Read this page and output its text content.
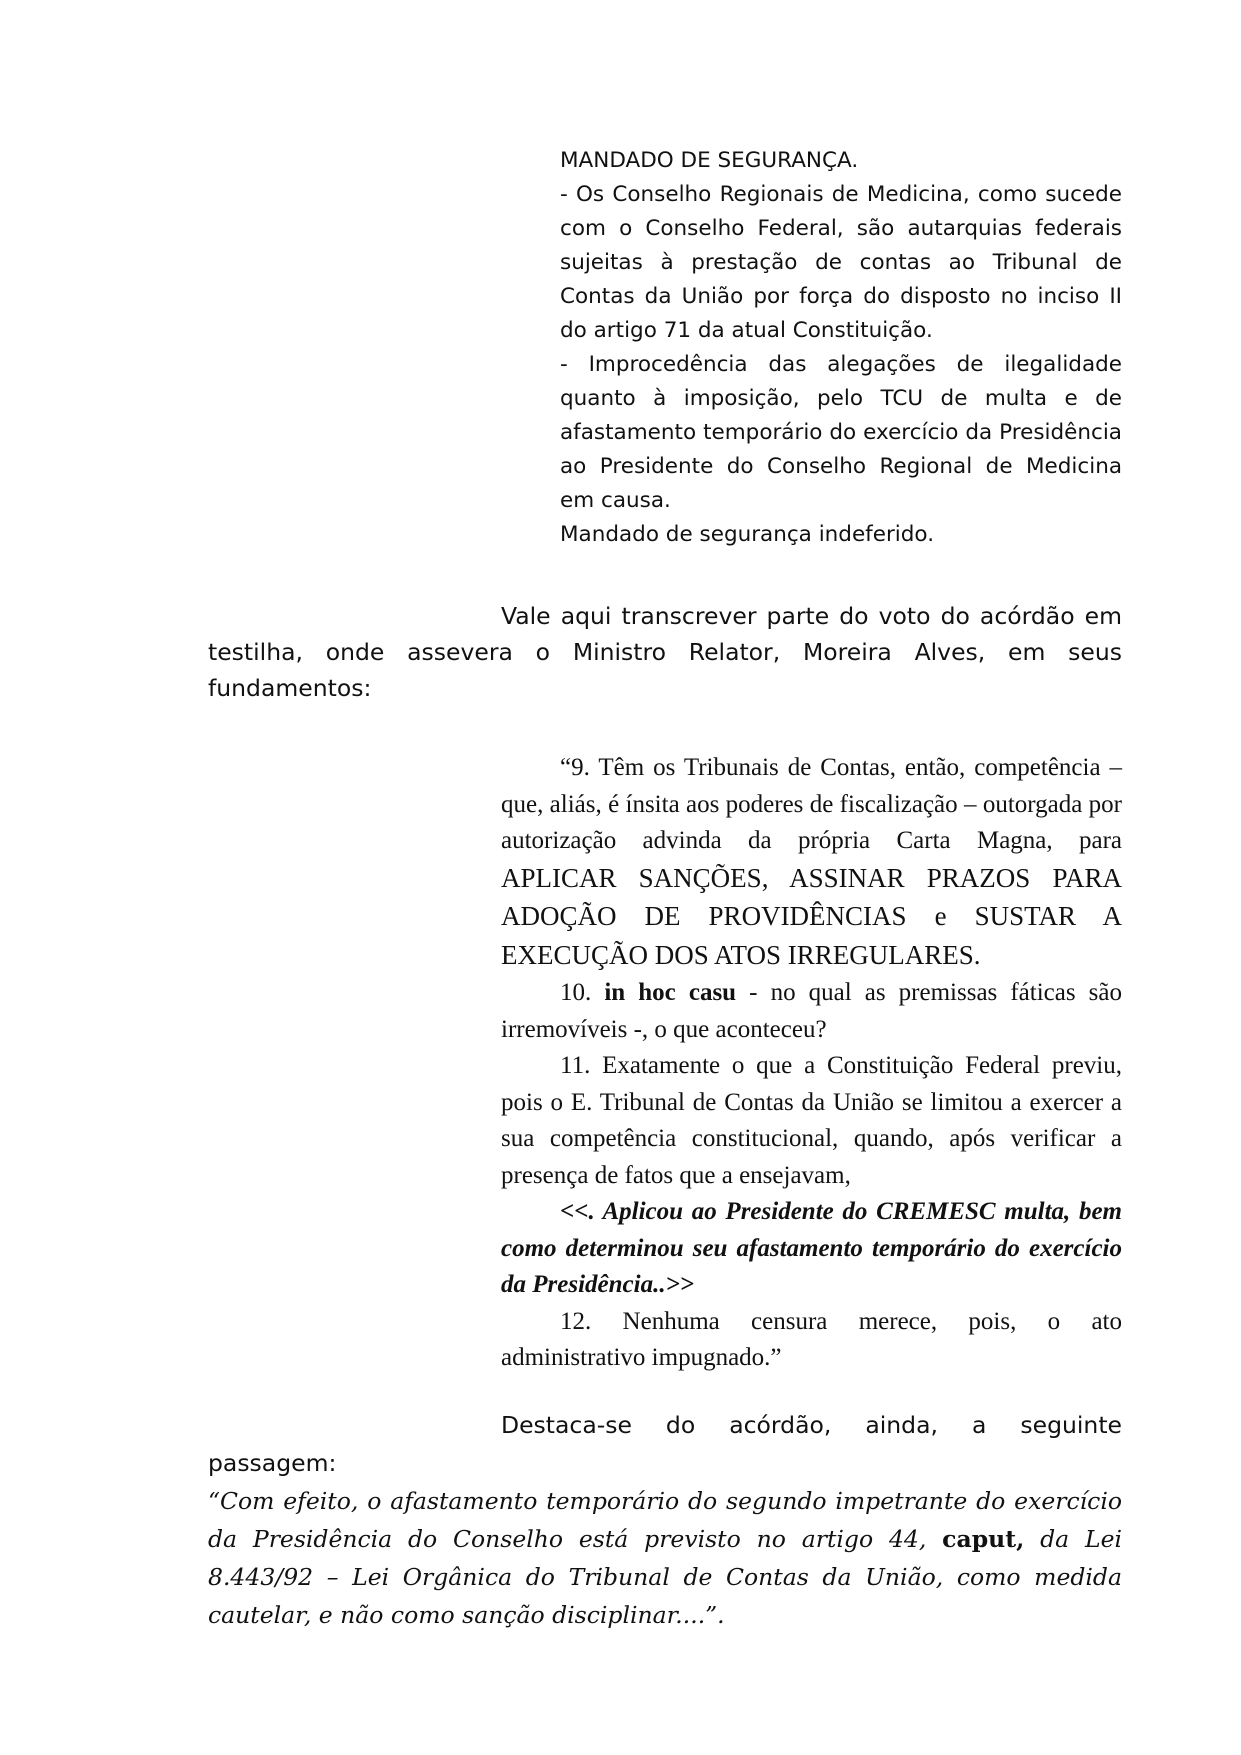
MANDADO DE SEGURANÇA.

- Os Conselho Regionais de Medicina, como sucede com o Conselho Federal, são autarquias federais sujeitas à prestação de contas ao Tribunal de Contas da União por força do disposto no inciso II do artigo 71 da atual Constituição.

- Improcedência das alegações de ilegalidade quanto à imposição, pelo TCU de multa e de afastamento temporário do exercício da Presidência ao Presidente do Conselho Regional de Medicina em causa.

Mandado de segurança indeferido.

Vale aqui transcrever parte do voto do acórdão em testilha, onde assevera o Ministro Relator, Moreira Alves, em seus fundamentos:

“9. Têm os Tribunais de Contas, então, competência – que, aliás, é ínsita aos poderes de fiscalização – outorgada por autorização advinda da própria Carta Magna, para APLICAR SANÇÕES, ASSINAR PRAZOS PARA ADOÇÃO DE PROVIDÊNCIAS e SUSTAR A EXECUÇÃO DOS ATOS IRREGULARES.

10. in hoc casu - no qual as premissas fáticas são irremovíveis -, o que aconteceu?

11. Exatamente o que a Constituição Federal previu, pois o E. Tribunal de Contas da União se limitou a exercer a sua competência constitucional, quando, após verificar a presença de fatos que a ensejavam,

<<. Aplicou ao Presidente do CREMESC multa, bem como determinou seu afastamento temporário do exercício da Presidência..>>

12. Nenhuma censura merece, pois, o ato administrativo impugnado.”

Destaca-se do acórdão, ainda, a seguinte passagem:

“Com efeito, o afastamento temporário do segundo impetrante do exercício da Presidência do Conselho está previsto no artigo 44, caput, da Lei 8.443/92 – Lei Orgânica do Tribunal de Contas da União, como medida cautelar, e não como sanção disciplinar....”.
